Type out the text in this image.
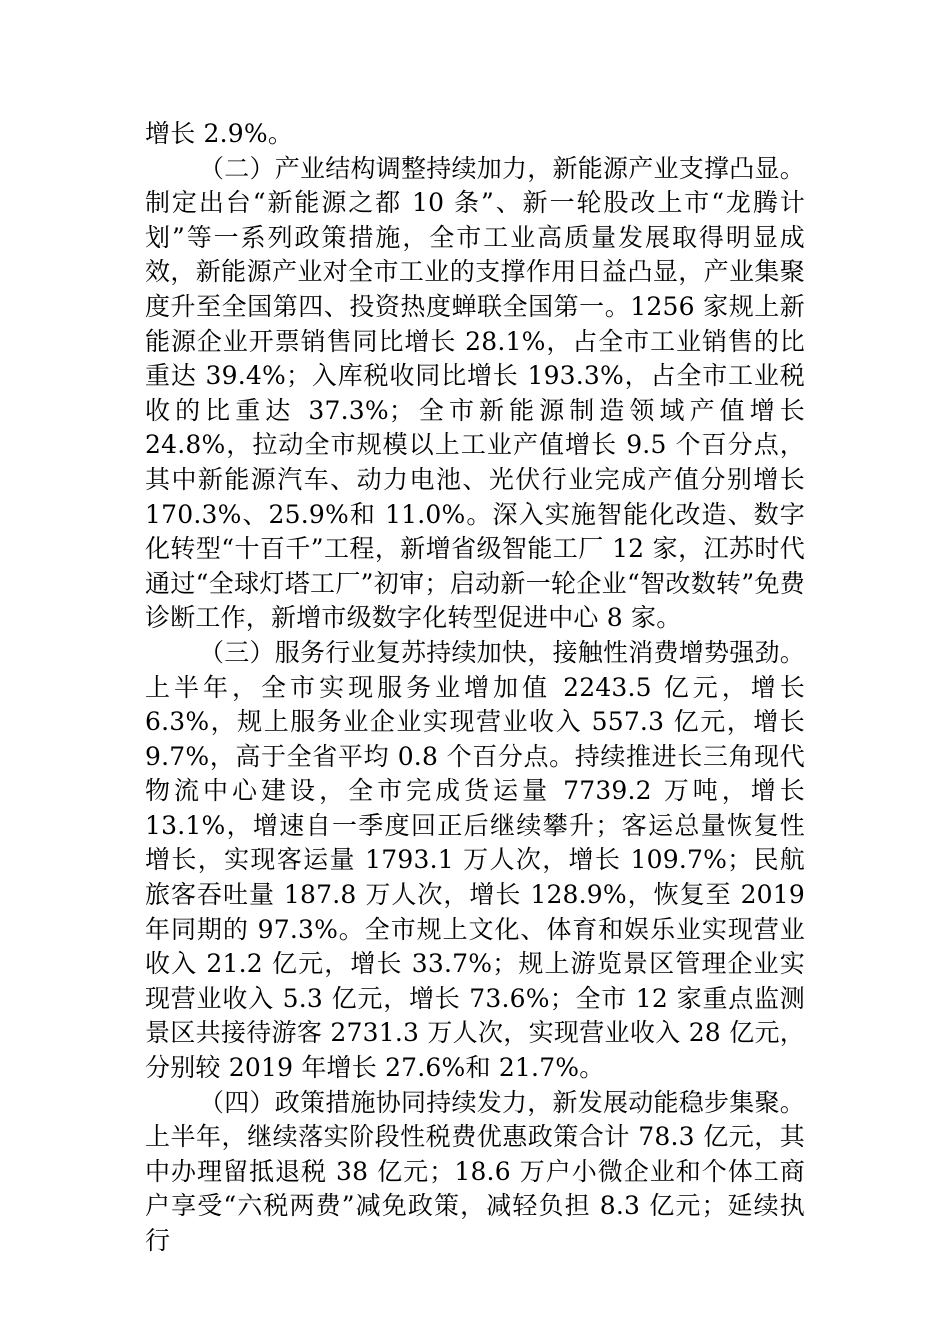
增长 2.9%。

（二）产业结构调整持续加力，新能源产业支撑凸显。制定出台“新能源之都 10 条”、新一轮股改上市“龙腾计划”等一系列政策措施，全市工业高质量发展取得明显成效，新能源产业对全市工业的支撑作用日益凸显，产业集聚度升至全国第四、投资热度蝉联全国第一。1256 家规上新能源企业开票销售同比增长 28.1%，占全市工业销售的比重达 39.4%；入库税收同比增长 193.3%，占全市工业税收的比重达 37.3%；全市新能源制造领域产值增长 24.8%，拉动全市规模以上工业产值增长 9.5 个百分点，其中新能源汽车、动力电池、光伏行业完成产值分别增长 170.3%、25.9%和 11.0%。深入实施智能化改造、数字化转型“十百千”工程，新增省级智能工厂 12 家，江苏时代通过“全球灯塔工厂”初审；启动新一轮企业“智改数转”免费诊断工作，新增市级数字化转型促进中心 8 家。

（三）服务行业复苏持续加快，接触性消费增势强劲。上半年，全市实现服务业增加值 2243.5 亿元，增长 6.3%，规上服务业企业实现营业收入 557.3 亿元，增长 9.7%，高于全省平均 0.8 个百分点。持续推进长三角现代物流中心建设，全市完成货运量 7739.2 万吨，增长 13.1%，增速自一季度回正后继续攀升；客运总量恢复性增长，实现客运量 1793.1 万人次，增长 109.7%；民航旅客吞吐量 187.8 万人次，增长 128.9%，恢复至 2019 年同期的 97.3%。全市规上文化、体育和娱乐业实现营业收入 21.2 亿元，增长 33.7%；规上游览景区管理企业实现营业收入 5.3 亿元，增长 73.6%；全市 12 家重点监测景区共接待游客 2731.3 万人次，实现营业收入 28 亿元，分别较 2019 年增长 27.6%和 21.7%。

（四）政策措施协同持续发力，新发展动能稳步集聚。上半年，继续落实阶段性税费优惠政策合计 78.3 亿元，其中办理留抵退税 38 亿元；18.6 万户小微企业和个体工商户享受“六税两费”减免政策，减轻负担 8.3 亿元；延续执行
